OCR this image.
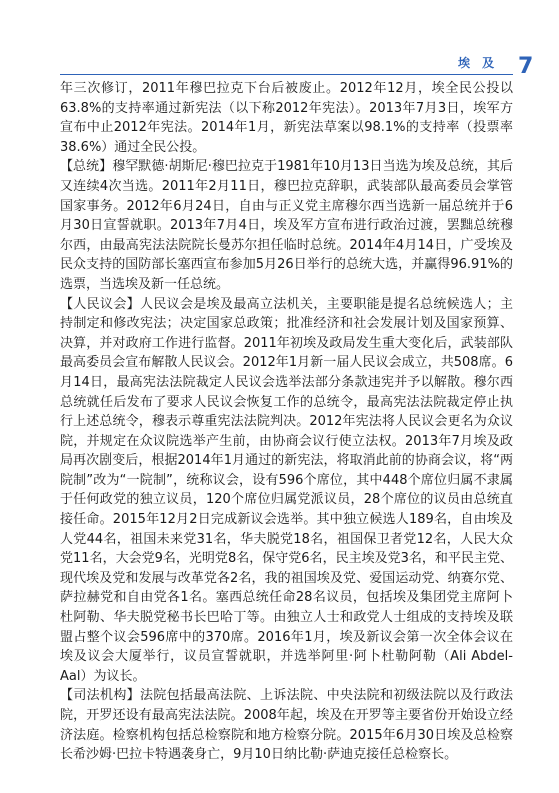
埃 及 7

年三次修订，2011年穆巴拉克下台后被废止。2012年12月，埃全民公投以63.8%的支持率通过新宪法（以下称2012年宪法）。2013年7月3日，埃军方宣布中止2012年宪法。2014年1月，新宪法草案以98.1%的支持率（投票率38.6%）通过全民公投。

【总统】穆罕默德·胡斯尼·穆巴拉克于1981年10月13日当选为埃及总统，其后又连续4次当选。2011年2月11日，穆巴拉克辞职，武装部队最高委员会掌管国家事务。2012年6月24日，自由与正义党主席穆尔西当选新一届总统并于6月30日宣誓就职。2013年7月4日，埃及军方宣布进行政治过渡，罢黜总统穆尔西，由最高宪法法院院长曼苏尔担任临时总统。2014年4月14日，广受埃及民众支持的国防部长塞西宣布参加5月26日举行的总统大选，并赢得96.91%的选票，当选埃及新一任总统。

【人民议会】人民议会是埃及最高立法机关，主要职能是提名总统候选人；主持制定和修改宪法；决定国家总政策；批准经济和社会发展计划及国家预算、决算，并对政府工作进行监督。2011年初埃及政局发生重大变化后，武装部队最高委员会宣布解散人民议会。2012年1月新一届人民议会成立，共508席。6月14日，最高宪法法院裁定人民议会选举法部分条款违宪并予以解散。穆尔西总统就任后发布了要求人民议会恢复工作的总统令，最高宪法法院裁定停止执行上述总统令，穆表示尊重宪法法院判决。2012年宪法将人民议会更名为众议院，并规定在众议院选举产生前，由协商会议行使立法权。2013年7月埃及政局再次剧变后，根据2014年1月通过的新宪法，将取消此前的协商会议，将“两院制”改为“一院制”，统称议会，设有596个席位，其中448个席位归属不隶属于任何政党的独立议员，120个席位归属党派议员，28个席位的议员由总统直接任命。2015年12月2日完成新议会选举。其中独立候选人189名，自由埃及人党44名，祖国未来党31名，华夫脱党18名，祖国保卫者党12名，人民大众党11名，大会党9名，光明党8名，保守党6名，民主埃及党3名，和平民主党、现代埃及党和发展与改革党各2名，我的祖国埃及党、爱国运动党、纳赛尔党、萨拉赫党和自由党各1名。塞西总统任命28名议员，包括埃及集团党主席阿卜杜阿勒、华夫脱党秘书长巴哈丁等。由独立人士和政党人士组成的支持埃及联盟占整个议会596席中的370席。2016年1月，埃及新议会第一次全体会议在埃及议会大厦举行，议员宣誓就职，并选举阿里·阿卜杜勒阿勒（Ali Abdel-Aal）为议长。

【司法机构】法院包括最高法院、上诉法院、中央法院和初级法院以及行政法院，开罗还设有最高宪法法院。2008年起，埃及在开罗等主要省份开始设立经济法庭。检察机构包括总检察院和地方检察分院。2015年6月30日埃及总检察长希沙姆·巴拉卡特遇袭身亡，9月10日纳比勒·萨迪克接任总检察长。
